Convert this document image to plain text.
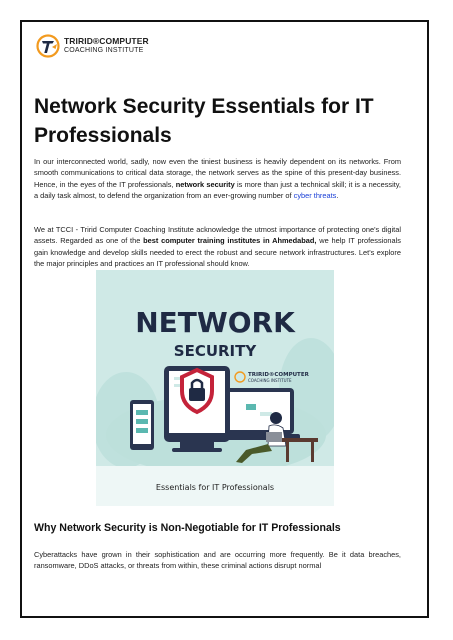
TRIRID®COMPUTER
COACHING INSTITUTE
Network Security Essentials for IT Professionals

In our interconnected world, sadly, now even the tiniest business is heavily dependent on its networks. From smooth communications to critical data storage, the network serves as the spine of this present-day business. Hence, in the eyes of the IT professionals, network security is more than just a technical skill; it is a necessity, a daily task almost, to defend the organization from an ever-growing number of cyber threats.

We at TCCI - Tririd Computer Coaching Institute acknowledge the utmost importance of protecting one's digital assets. Regarded as one of the best computer training institutes in Ahmedabad, we help IT professionals gain knowledge and develop skills needed to erect the robust and secure network infrastructures. Let's explore the major principles and practices an IT professional should know.

NETWORK
SECURITY
TRIRID®COMPUTER
COACHING INSTITUTE
Essentials for IT Professionals
Why Network Security is Non-Negotiable for IT Professionals

Cyberattacks have grown in their sophistication and are occurring more frequently. Be it data breaches, ransomware, DDoS attacks, or threats from within, these criminal actions disrupt normal
